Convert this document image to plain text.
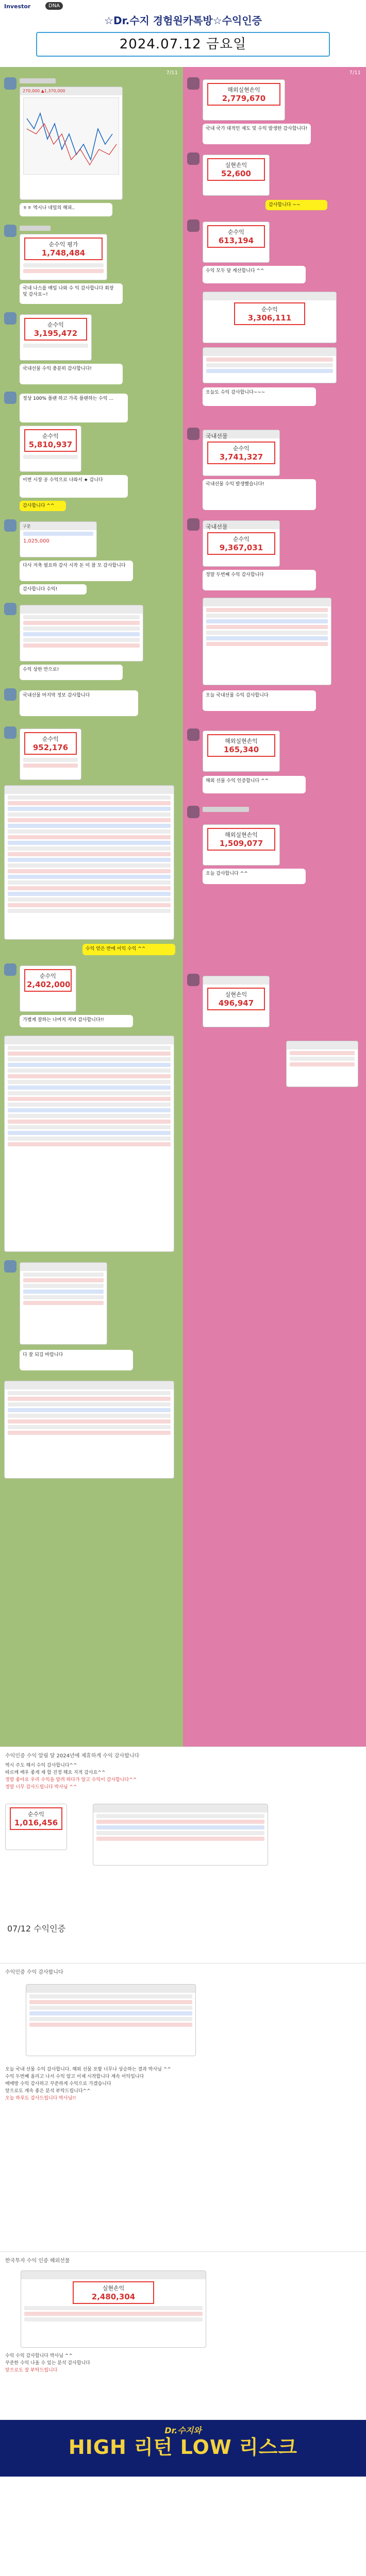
Investor	DNA
☆Dr.수지 경험원카톡방☆수익인증
2024.07.12 금요일
7/11
270,000 ▲1,370,000
ㅎㅎ 역시나 네일의 해피..
순수익 평가
1,748,484
국내 나스를 매입 나와 수 익 감사합니다 회장 및 감사요~!
순수익
3,195,472
국내선물 수익 충분히 감사합니다!
정상 100% 플랜 하고 가족 플랜하는 수익 ...
순수익
5,810,937
이번 시장 공 수익으로 나와서 ★ 갑니다
감사합니다 ^^
구분
1,025,000
다사 저축 필요하 감사 시작 돈 미 참 모 감사합니다
감사합니다 수익!
수익 상한 만으로!
국내선물 마지막 정보 감사합니다
순수익
952,176
수익 얻은 반에 이익 수익 ^^
순수익
2,402,000
가볍게 잘하는 나머지 저녁 감사합니다!!
다 잘 되길 바랍니다
7/11
해외실현손익
2,779,670
국내 국가 대적인 제도 및 수익 발생한 감사합니다!
실현손익
52,600
감사합니다 ~~
순수익
613,194
수익 모두 달 계산합니다 ^^
순수익
3,306,111
오늘도 수익 감사합니다~~~
국내선물
순수익
3,741,327
국내선물 수익 발생했습니다!
국내선물
순수익
9,367,031
정말 두번째 수익 감사합니다
오늘 국내선물 수익 감사합니다
해외실현손익
165,340
해외 선물 수익 인증합니다 ^^
해외실현손익
1,509,077
오늘 감사합니다 ^^
실현손익
496,947
수익인증 수익 알림 달 2024년에 제휴하게 수익 감사합니다
역시 주도 해서 수익 감사합니다^^
따르께 매우 좋게 제 합 진정 해요 지적 감사요^^
정말 좋아요 우리 수익을 알려 하다가 알고 수익이 감사합니다^^
정말 너무 감사드립니다 박사님 ^^
순수익
1,016,456
07/12 수익인증
수익인증 수익 감사합니다
오늘 국내 선물 수익 감사합니다. 해외 선물 포함 너무나 상승하는 결과 박사님 ^^
수익 두번째 올리고 나서 수익 알고 이제 시작합니다 계속 이익입니다
매매방 수익 감사하고 꾸준하게 수익으로 가겠습니다
앞으로도 계속 좋은 분석 부탁드립니다^^
오늘 하루도 감사드립니다 박사님!!
한국투자 수익 인증 해외선물
실현손익
2,480,304
수익 수익 감사합니다 박사님 ^^
꾸준한 수익 나올 수 있는 분석 감사합니다
앞으로도 잘 부탁드립니다
Dr.수지와
HIGH 리턴 LOW 리스크
